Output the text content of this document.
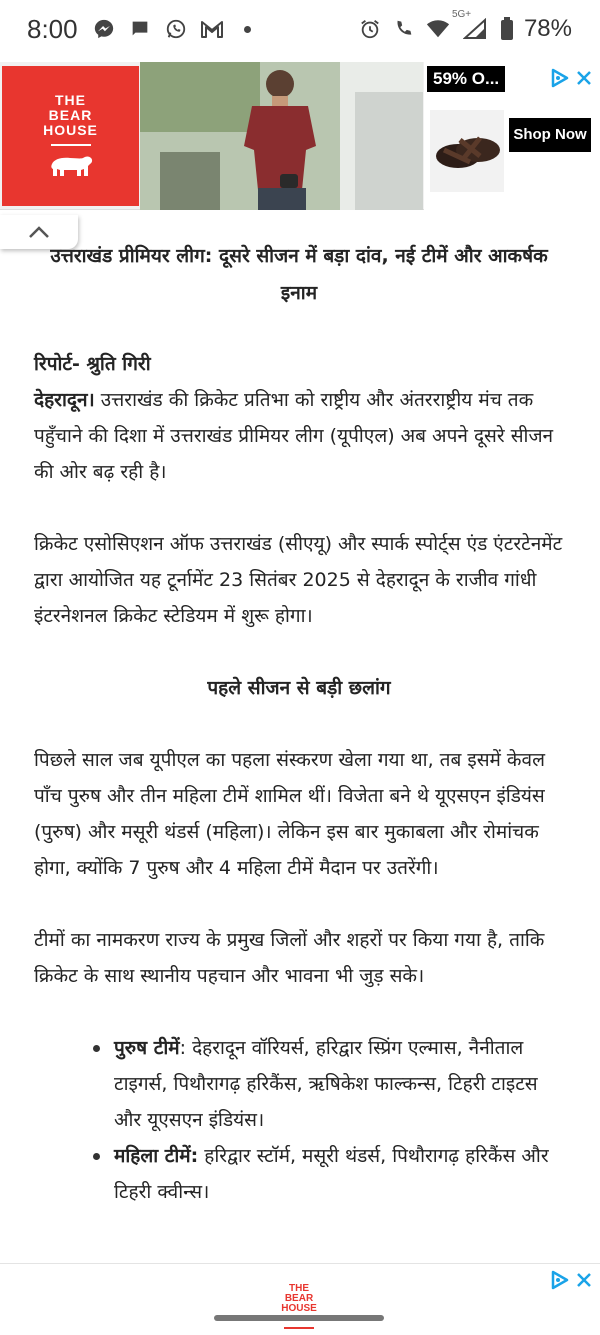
8:00	5G+
78%
THE
BEAR
HOUSE
59% O...
Shop Now
उत्तराखंड प्रीमियर लीग: दूसरे सीजन में बड़ा दांव, नई टीमें और आकर्षक इनाम
रिपोर्ट- श्रुति गिरी
देहरादून। उत्तराखंड की क्रिकेट प्रतिभा को राष्ट्रीय और अंतरराष्ट्रीय मंच तक पहुँचाने की दिशा में उत्तराखंड प्रीमियर लीग (यूपीएल) अब अपने दूसरे सीजन की ओर बढ़ रही है।
क्रिकेट एसोसिएशन ऑफ उत्तराखंड (सीएयू) और स्पार्क स्पोर्ट्स एंड एंटरटेनमेंट द्वारा आयोजित यह टूर्नामेंट 23 सितंबर 2025 से देहरादून के राजीव गांधी इंटरनेशनल क्रिकेट स्टेडियम में शुरू होगा।
पहले सीजन से बड़ी छलांग
पिछले साल जब यूपीएल का पहला संस्करण खेला गया था, तब इसमें केवल पाँच पुरुष और तीन महिला टीमें शामिल थीं। विजेता बने थे यूएसएन इंडियंस (पुरुष) और मसूरी थंडर्स (महिला)। लेकिन इस बार मुकाबला और रोमांचक होगा, क्योंकि 7 पुरुष और 4 महिला टीमें मैदान पर उतरेंगी।
टीमों का नामकरण राज्य के प्रमुख जिलों और शहरों पर किया गया है, ताकि क्रिकेट के साथ स्थानीय पहचान और भावना भी जुड़ सके।
पुरुष टीमें: देहरादून वॉरियर्स, हरिद्वार स्प्रिंग एल्मास, नैनीताल टाइगर्स, पिथौरागढ़ हरिकैंस, ऋषिकेश फाल्कन्स, टिहरी टाइटस और यूएसएन इंडियंस।
महिला टीमें: हरिद्वार स्टॉर्म, मसूरी थंडर्स, पिथौरागढ़ हरिकैंस और टिहरी क्वीन्स।

THE
BEAR
HOUSE
